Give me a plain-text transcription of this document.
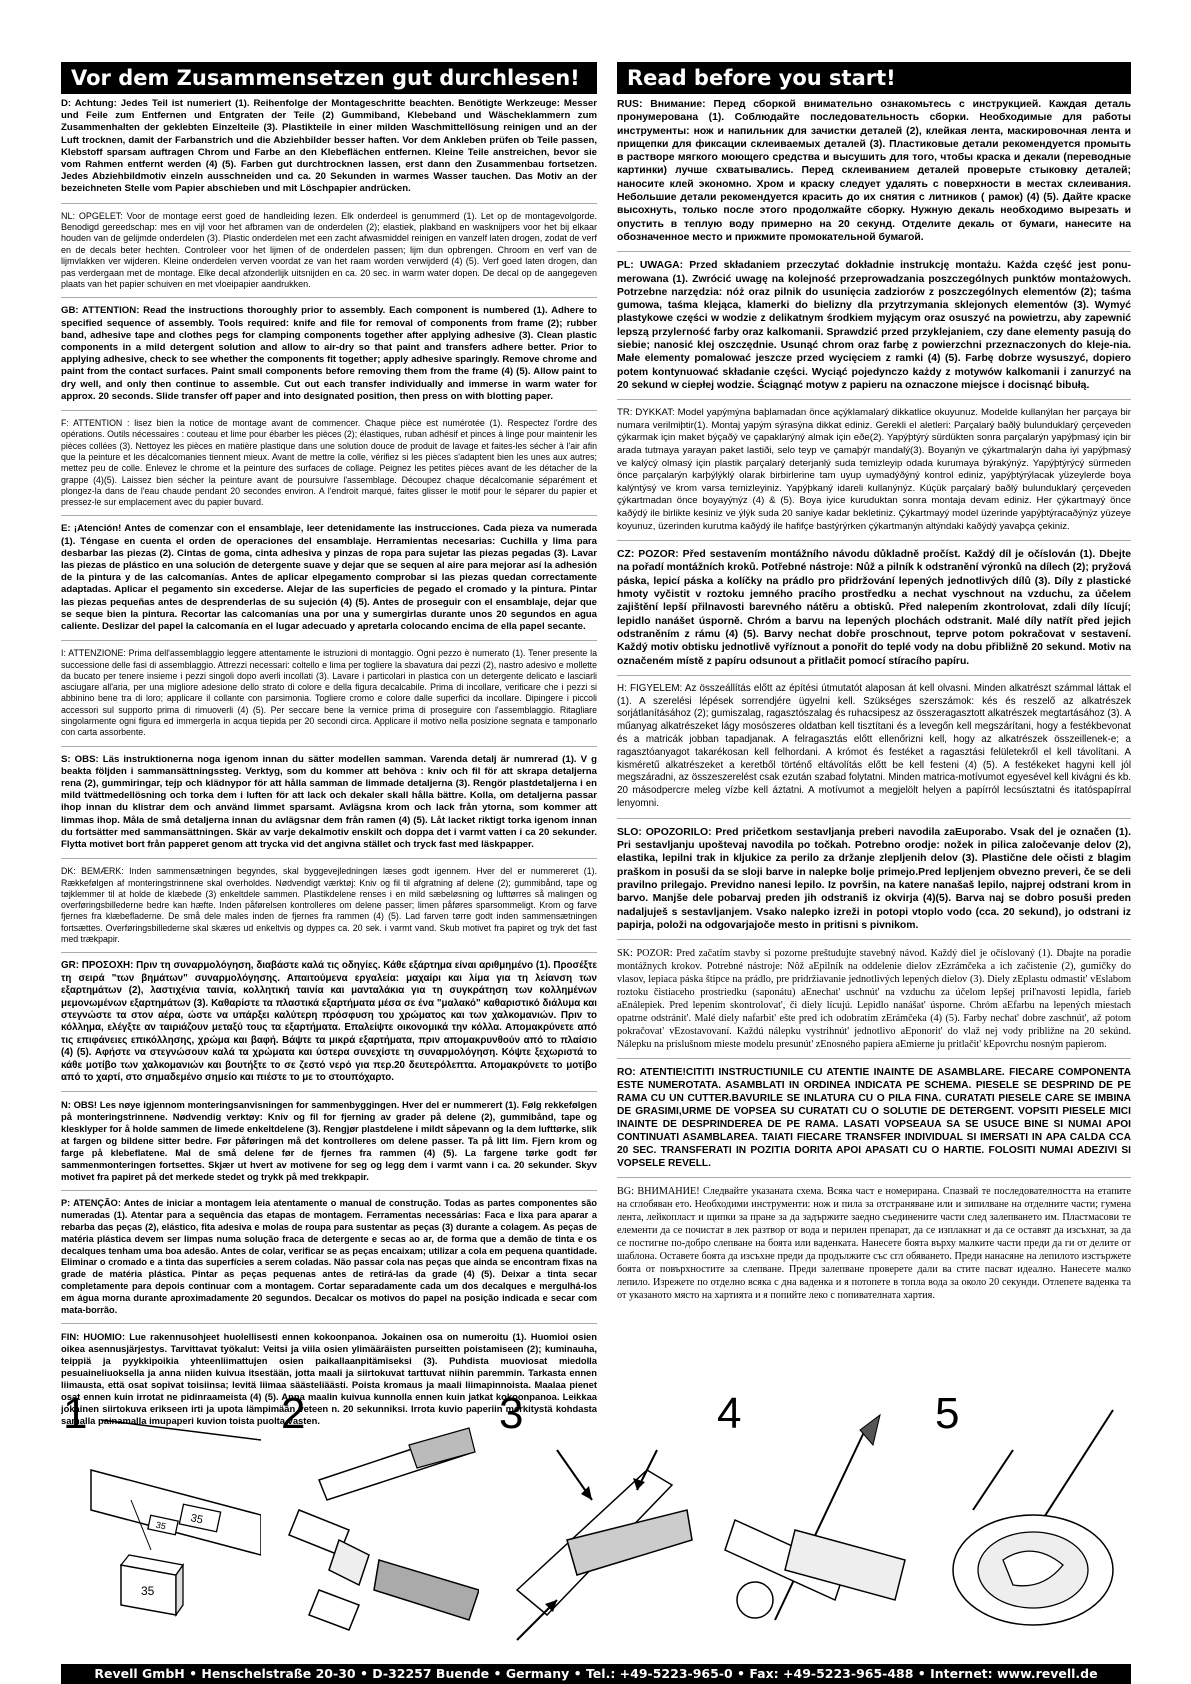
Vor dem Zusammensetzen gut durchlesen!	Read before you start!

D: Achtung: Jedes Teil ist numeriert (1). Reihenfolge der Montageschritte beachten. Benötigte Werkzeuge: Messer und Feile zum Entfernen und Entgraten der Teile (2) Gummiband, Klebeband und Wäscheklammern zum Zusammenhalten der geklebten Einzelteile (3). Plastikteile in einer milden Waschmittellösung reinigen und an der Luft trocknen, damit der Farbanstrich und die Abziehbilder besser haften. Vor dem Ankleben prüfen ob Teile passen, Klebstoff sparsam auftragen Chrom und Farbe an den Klebeflächen entfernen. Kleine Teile anstreichen, bevor sie vom Rahmen entfernt werden (4) (5). Farben gut durchtrocknen lassen, erst dann den Zusammenbau fortsetzen. Jedes Abziehbildmotiv einzeln ausschneiden und ca. 20 Sekunden in warmes Wasser tauchen. Das Motiv an der bezeichneten Stelle vom Papier abschieben und mit Löschpapier andrücken.

NL: OPGELET: Voor de montage eerst goed de handleiding lezen. Elk onderdeel is genummerd (1). Let op de montagevolgorde. Benodigd gereedschap: mes en vijl voor het afbramen van de onderdelen (2); elastiek, plakband en wasknijpers voor het bij elkaar houden van de gelijmde onderdelen (3). Plastic onderdelen met een zacht afwasmiddel reinigen en vanzelf laten drogen, zodat de verf en de decals beter hechten. Controleer voor het lijmen of de onderdelen passen; lijm dun opbrengen. Chroom en verf van de lijmvlakken ver wijderen. Kleine onderdelen verven voordat ze van het raam worden verwijderd (4) (5). Verf goed laten drogen, dan pas verdergaan met de montage. Elke decal afzonderlijk uitsnijden en ca. 20 sec. in warm water dopen. De decal op de aangegeven plaats van het papier schuiven en met vloeipapier aandrukken.

GB: ATTENTION: Read the instructions thoroughly prior to assembly. Each component is numbered (1). Adhere to specified sequence of assembly. Tools required: knife and file for removal of components from frame (2); rubber band, adhesive tape and clothes pegs for clamping components together after applying adhesive (3). Clean plastic components in a mild detergent solution and allow to air-dry so that paint and transfers adhere better. Prior to applying adhesive, check to see whether the components fit together; apply adhesive sparingly. Remove chrome and paint from the contact surfaces. Paint small components before removing them from the frame (4) (5). Allow paint to dry well, and only then continue to assemble. Cut out each transfer individually and immerse in warm water for approx. 20 seconds. Slide transfer off paper and into designated position, then press on with blotting paper.

F: ATTENTION : lisez bien la notice de montage avant de commencer. Chaque pièce est numérotée (1). Respectez l'ordre des opérations. Outils nécessaires : couteau et lime pour ébarber les pièces (2); élastiques, ruban adhésif et pinces à linge pour maintenir les pièces collées (3). Nettoyez les pièces en matière plastique dans une solution douce de produit de lavage et faites-les sécher à l'air afin que la peinture et les décalcomanies tiennent mieux. Avant de mettre la colle, vérifiez si les pièces s'adaptent bien les unes aux autres; mettez peu de colle. Enlevez le chrome et la peinture des surfaces de collage. Peignez les petites pièces avant de les détacher de la grappe (4)(5). Laissez bien sécher la peinture avant de poursuivre l'assemblage. Découpez chaque décalcomanie séparément et plongez-la dans de l'eau chaude pendant 20 secondes environ. A l'endroit marqué, faites glisser le motif pour le séparer du papier et pressez-le sur emplacement avec du papier buvard.

E: ¡Atención! Antes de comenzar con el ensamblaje, leer detenidamente las instrucciones. Cada pieza va numerada (1). Téngase en cuenta el orden de operaciones del ensamblaje. Herramientas necesarias: Cuchilla y lima para desbarbar las piezas (2). Cintas de goma, cinta adhesiva y pinzas de ropa para sujetar las piezas pegadas (3). Lavar las piezas de plástico en una solución de detergente suave y dejar que se sequen al aire para mejorar así la adhesión de la pintura y de las calcomanías. Antes de aplicar elpegamento comprobar si las piezas quedan correctamente adaptadas. Aplicar el pegamento sin excederse. Alejar de las superficies de pegado el cromado y la pintura. Pintar las piezas pequeñas antes de desprenderlas de su sujeción (4) (5). Antes de proseguir con el ensamblaje, dejar que se seque bien la pintura. Recortar las calcomanías una por una y sumergirlas durante unos 20 segundos en agua caliente. Deslizar del papel la calcomanía en el lugar adecuado y apretarla colocando encima de ella papel secante.

I: ATTENZIONE: Prima dell'assemblaggio leggere attentamente le istruzioni di montaggio. Ogni pezzo è numerato (1). Tener presente la successione delle fasi di assemblaggio. Attrezzi necessari: coltello e lima per togliere la sbavatura dai pezzi (2), nastro adesivo e mollette da bucato per tenere insieme i pezzi singoli dopo averli incollati (3). Lavare i particolari in plastica con un detergente delicato e lasciarli asciugare all'aria, per una migliore adesione dello strato di colore e della figura decalcabile. Prima di incollare, verificare che i pezzi si abbinino bene tra di loro; applicare il collante con parsimonia. Togliere cromo e colore dalle superfici da incollare. Dipingere i piccoli accessori sul supporto prima di rimuoverli (4) (5). Per seccare bene la vernice prima di proseguire con l'assemblaggio. Ritagliare singolarmente ogni figura ed immergerla in acqua tiepida per 20 secondi circa. Applicare il motivo nella posizione segnata e tamponarlo con carta assorbente.

S: OBS: Läs instruktionerna noga igenom innan du sätter modellen samman. Varenda detalj är numrerad (1). V g beakta följden i sammansättningssteg. Verktyg, som du kommer att behöva : kniv och fil för att skrapa detaljerna rena (2), gummiringar, tejp och klädnypor för att hålla samman de limmade detaljerna (3). Rengör plastdetaljerna i en mild tvättmedellösning och torka dem i luften för att lack och dekaler skall hålla bättre. Kolla, om detaljerna passar ihop innan du klistrar dem och använd limmet sparsamt. Avlägsna krom och lack från ytorna, som kommer att limmas ihop. Måla de små detaljerna innan du avlägsnar dem från ramen (4) (5). Låt lacket riktigt torka igenom innan du fortsätter med sammansättningen. Skär av varje dekalmotiv enskilt och doppa det i varmt vatten i ca 20 sekunder. Flytta motivet bort från papperet genom att trycka vid det angivna stället och tryck fast med läskpapper.

DK: BEMÆRK: Inden sammensætningen begyndes, skal byggevejledningen læses godt igennem. Hver del er nummereret (1). Rækkefølgen af monteringstrinnene skal overholdes. Nødvendigt værktøj: Kniv og fil til afgratning af delene (2); gummibånd, tape og tøjklemmer til at holde de klæbede (3) enkeltdele sammen. Plastikdelene renses i en mild sæbeløsning og lufttørres så malingen og overføringsbillederne bedre kan hæfte. Inden påførelsen kontrolleres om delene passer; limen påføres sparsommeligt. Krom og farve fjernes fra klæbefladerne. De små dele males inden de fjernes fra rammen (4) (5). Lad farven tørre godt inden sammensætningen fortsættes. Overføringsbillederne skal skæres ud enkeltvis og dyppes ca. 20 sek. i varmt vand. Skub motivet fra papiret og tryk det fast med trækpapir.

GR: ΠΡΟΣΟΧΗ: Πριν τη συναρμολόγηση, διαβάστε καλά τις οδηγίες. Κάθε εξάρτημα είναι αριθμημένο (1). Προσέξτε τη σειρά "των βημάτων" συναρμολόγησης. Απαιτούμενα εργαλεία: μαχαίρι και λίμα για τη λείανση των εξαρτημάτων (2), λαστιχένια ταινία, κολλητική ταινία και μανταλάκια για τη συγκράτηση των κολλημένων μεμονωμένων εξαρτημάτων (3). Καθαρίστε τα πλαστικά εξαρτήματα μέσα σε ένα "μαλακό" καθαριστικό διάλυμα και στεγνώστε τα στον αέρα, ώστε να υπάρξει καλύτερη πρόσφυση του χρώματος και των χαλκομανιών. Πριν το κόλλημα, ελέγξτε αν ταιριάζουν μεταξύ τους τα εξαρτήματα. Επαλείψτε οικονομικά την κόλλα. Απομακρύνετε από τις επιφάνειες επικόλλησης, χρώμα και βαφή. Βάψτε τα μικρά εξαρτήματα, πριν απομακρυνθούν από το πλαίσιο (4) (5). Αφήστε να στεγνώσουν καλά τα χρώματα και ύστερα συνεχίστε τη συναρμολόγηση. Κόψτε ξεχωριστά το κάθε μοτίβο των χαλκομανιών και βουτήξτε το σε ζεστό νερό για περ.20 δευτερόλεπτα. Απομακρύνετε το μοτίβο από το χαρτί, στο σημαδεμένο σημείο και πιέστε το με το στουπόχαρτο.

N: OBS! Les nøye igjennom monteringsanvisningen for sammenbyggingen. Hver del er nummerert (1). Følg rekkefølgen på monteringstrinnene. Nødvendig verktøy: Kniv og fil for fjerning av grader på delene (2), gummibånd, tape og klesklyper for å holde sammen de limede enkeltdelene (3). Rengjør plastdelene i mildt såpevann og la dem lufttørke, slik at fargen og bildene sitter bedre. Før påføringen må det kontrolleres om delene passer. Ta på litt lim. Fjern krom og farge på klebeflatene. Mal de små delene før de fjernes fra rammen (4) (5). La fargene tørke godt før sammenmonteringen fortsettes. Skjær ut hvert av motivene for seg og legg dem i varmt vann i ca. 20 sekunder. Skyv motivet fra papiret på det merkede stedet og trykk på med trekkpapir.

P: ATENÇÃO: Antes de iniciar a montagem leia atentamente o manual de construção. Todas as partes componentes são numeradas (1). Atentar para a sequência das etapas de montagem. Ferramentas necessárias: Faca e lixa para aparar a rebarba das peças (2), elástico, fita adesiva e molas de roupa para sustentar as peças (3) durante a colagem. As peças de matéria plástica devem ser limpas numa solução fraca de detergente e secas ao ar, de forma que a demão de tinta e os decalques tenham uma boa adesão. Antes de colar, verificar se as peças encaixam; utilizar a cola em pequena quantidade. Eliminar o cromado e a tinta das superfícies a serem coladas. Não passar cola nas peças que ainda se encontram fixas na grade de matéria plástica. Pintar as peças pequenas antes de retirá-las da grade (4) (5). Deixar a tinta secar completamente para depois continuar com a montagem. Cortar separadamente cada um dos decalques e mergulhá-los em água morna durante aproximadamente 20 segundos. Decalcar os motivos do papel na posição indicada e secar com mata-borrão.

FIN: HUOMIO: Lue rakennusohjeet huolellisesti ennen kokoonpanoa. Jokainen osa on numeroitu (1). Huomioi osien oikea asennusjärjestys. Tarvittavat työkalut: Veitsi ja viila osien ylimääräisten purseitten poistamiseen (2); kuminauha, teippiä ja pyykkipoikia yhteenliimattujen osien paikallaanpitämiseksi (3). Puhdista muoviosat miedolla pesuaineliuoksella ja anna niiden kuivua itsestään, jotta maali ja siirtokuvat tarttuvat niihin paremmin. Tarkasta ennen liimausta, että osat sopivat toisiinsa; levitä liimaa säästeliäästi. Poista kromaus ja maali liimapinnoista. Maalaa pienet osat ennen kuin irrotat ne pidinraameista (4) (5). Anna maalin kuivua kunnolla ennen kuin jatkat kokoonpanoa. Leikkaa jokainen siirtokuva erikseen irti ja upota lämpimään veteen n. 20 sekunniksi. Irrota kuvio paperiin merkitystä kohdasta samalla painamalla imupaperi kuvion toista puolta vasten.

RUS: Внимание: Перед сборкой внимательно ознакомьтесь с инструкцией. Каждая деталь пронумерована (1). Соблюдайте последовательность сборки. Необходимые для работы инструменты: нож и напильник для зачистки деталей (2), клейкая лента, маскировочная лента и прищепки для фиксации склеиваемых деталей (3). Пластиковые детали рекомендуется промыть в растворе мягкого моющего средства и высушить для того, чтобы краска и декали (переводные картинки) лучше схватывались. Перед склеиванием деталей проверьте стыковку деталей; наносите клей экономно. Хром и краску следует удалять с поверхности в местах склеивания. Небольшие детали рекомендуется красить до их снятия с литников ( рамок) (4) (5). Дайте краске высохнуть, только после этого продолжайте сборку. Нужную декаль необходимо вырезать и опустить в теплую воду примерно на 20 секунд. Отделите декаль от бумаги, нанесите на обозначенное место и прижмите промокательной бумагой.

PL: UWAGA: Przed składaniem przeczytać dokładnie instrukcję montażu. Każda część jest ponu-merowana (1). Zwrócić uwagę na kolejność przeprowadzania poszczególnych punktów montażowych. Potrzebne narzędzia: nóż oraz pilnik do usunięcia zadziorów z poszczególnych elementów (2); taśma gumowa, taśma klejąca, klamerki do bielizny dla przytrzymania sklejonych elementów (3). Wymyć plastykowe części w wodzie z delikatnym środkiem myjącym oraz osuszyć na powietrzu, aby zapewnić lepszą przyleгność farby oraz kalkomanii. Sprawdzić przed przyklejaniem, czy dane elementy pasują do siebie; nanosić klej oszczędnie. Usunąć chrom oraz farbę z powierzchni przeznaczonych do kleje-nia. Małe elementy pomalować jeszcze przed wycięciem z ramki (4) (5). Farbę dobrze wysuszyć, dopiero potem kontynuować składanie części. Wyciąć pojedynczo każdy z motywów kalkomanii i zanurzyć na 20 sekund w ciepłej wodzie. Ściągnąć motyw z papieru na oznaczone miejsce i docisnąć bibułą.

TR: DYKKAT: Model yapýmýna baþlamadan önce açýklamalarý dikkatlice okuyunuz. Modelde kullanýlan her parçaya bir numara verilmiþtir(1). Montaj yapým sýrasýna dikkat ediniz. Gerekli el aletleri: Parçalarý baðlý bulunduklarý çerçeveden çýkarmak için maket býçaðý ve çapaklarýný almak için eðe(2). Yapýþtýrý sürdükten sonra parçalarýn yapýþmasý için bir arada tutmaya yarayan paket lastiði, selo teyp ve çamaþýr mandalý(3). Boyanýn ve çýkartmalarýn daha iyi yapýþmasý ve kalýcý olmasý için plastik parçalarý deterjanlý suda temizleyip odada kurumaya býrakýnýz. Yapýþtýrýcý sürmeden önce parçalarýn karþýlýklý olarak birbirlerine tam uyup uymadýðýný kontrol ediniz, yapýþtýrýlacak yüzeylerde boya kalýntýsý ve krom varsa temizleyiniz. Yapýþkaný idareli kullanýnýz. Küçük parçalarý baðlý bulunduklarý çerçeveden çýkartmadan önce boyayýnýz (4) & (5). Boya iyice kuruduktan sonra montaja devam ediniz. Her çýkartmayý önce kaðýdý ile birlikte kesiniz ve ýlýk suda 20 saniye kadar bekletiniz. Çýkartmayý model üzerinde yapýþtýracaðýnýz yüzeye koyunuz, üzerinden kurutma kaðýdý ile hafifçe bastýrýrken çýkartmanýn altýndaki kaðýdý yavaþça çekiniz.

CZ: POZOR: Před sestavením montážního návodu důkladně pročíst. Každý díl je očíslován (1). Dbejte na pořadí montážních kroků. Potřebné nástroje: Nůž a pilník k odstranění výronků na dílech (2); pryžová páska, lepicí páska a kolíčky na prádlo pro přidržování lepených jednotlivých dílů (3). Díly z plastické hmoty vyčistit v roztoku jemného pracího prostředku a nechat vyschnout na vzduchu, za účelem zajištění lepší přilnavosti barevného nátěru a obtisků. Před nalepením zkontrolovat, zdali díly lícují; lepidlo nanášet úsporně. Chróm a barvu na lepených plochách odstranit. Malé díly natřít před jejich odstraněním z rámu (4) (5). Barvy nechat dobře proschnout, teprve potom pokračovat v sestavení. Každý motiv obtisku jednotlivě vyříznout a ponořit do teplé vody na dobu přibližně 20 sekund. Motiv na označeném místě z papíru odsunout a přitlačit pomocí stíracího papíru.

H: FIGYELEM: Az összeállítás előtt az építési útmutatót alaposan át kell olvasni. Minden alkatrészt számmal láttak el (1). A szerelési lépések sorrendjére ügyelni kell. Szükséges szerszámok: kés és reszelő az alkatrészek sorjátlanításához (2); gumiszalag, ragasztószalag és ruhacsipesz az összeragasztott alkatrészek megtartásához (3). A műanyag alkatrészeket lágy mosószeres oldatban kell tisztítani és a levegőn kell megszárítani, hogy a festékbevonat és a matricák jobban tapadjanak. A felragasztás előtt ellenőrizni kell, hogy az alkatrészek összeillenek-e; a ragasztóanyagot takarékosan kell felhordani. A krómot és festéket a ragasztási felületekről el kell távolítani. A kisméretű alkatrészeket a keretből történő eltávolítás előtt be kell festeni (4) (5). A festékeket hagyni kell jól megszáradni, az összeszerelést csak ezután szabad folytatni. Minden matrica-motívumot egyesével kell kivágni és kb. 20 másodpercre meleg vízbe kell áztatni. A motívumot a megjelölt helyen a papírról lecsúsztatni és itatóspapírral lenyomni.

SLO: OPOZORILO: Pred pričetkom sestavljanja preberi navodila zaEuporabo. Vsak del je označen (1). Pri sestavljanju upoštevaj navodila po točkah. Potrebno orodje: nožek in pilica zaločevanje delov (2), elastika, lepilni trak in kljukice za perilo za držanje zlepljenih delov (3). Plastične dele očisti z blagim praškom in posuši da se sloji barve in nalepke bolje primejo.Pred lepljenjem obvezno preveri, če se deli pravilno prilegajo. Previdno nanesi lepilo. Iz površin, na katere nanašaš lepilo, najprej odstrani krom in barvo. Manjše dele pobarvaj preden jih odstraniš iz okvirja (4)(5). Barva naj se dobro posuši preden nadaljuješ s sestavljanjem. Vsako nalepko izreži in potopi vtoplo vodo (cca. 20 sekund), jo odstrani iz papirja, položi na odgovarjajoče mesto in pritisni s pivnikom.

SK: POZOR: Pred začatím stavby si pozorne preštudujte stavebný návod. Každý diel je očíslovaný (1). Dbajte na poradie montážnych krokov. Potrebné nástroje: Nôž aEpilník na oddelenie dielov zEzrámčeka a ich začistenie (2), gumičky do vlasov, lepiaca páska štipce na prádlo, pre pridržiavanie jednotlivých lepených dielov (3). Diely zEplastu odmastit' vEslabom roztoku čistiaceho prostriedku (saponátu) aEnechat' uschnút' na vzduchu za účelom lepšej priľnavosti lepidla, farieb aEnálepiek. Pred lepením skontrolovat', či diely lícujú. Lepidlo nanášat' úsporne. Chróm aEfarbu na lepených miestach opatrne odstránit'. Malé diely nafarbit' ešte pred ich odobratím zErámčeka (4) (5). Farby nechat' dobre zaschnút', až potom pokračovat' vEzostavovaní. Každú nálepku vystrihnút' jednotlivo aEponorit' do vlaž nej vody približne na 20 sekúnd. Nálepku na príslušnom mieste modelu presunút' zEnosného papiera aEmierne ju pritlačit' kEpovrchu nosným papierom.

RO: ATENTIE!CITITI INSTRUCTIUNILE CU ATENTIE INAINTE DE ASAMBLARE. FIECARE COMPONENTA ESTE NUMEROTATA. ASAMBLATI IN ORDINEA INDICATA PE SCHEMA. PIESELE SE DESPRIND DE PE RAMA CU UN CUTTER.BAVURILE SE INLATURA CU O PILA FINA. CURATATI PIESELE CARE SE IMBINA DE GRASIMI,URME DE VOPSEA SU CURATATI CU O SOLUTIE DE DETERGENT. VOPSITI PIESELE MICI INAINTE DE DESPRINDEREA DE PE RAMA. LASATI VOPSEAUA SA SE USUCE BINE SI NUMAI APOI CONTINUATI ASAMBLAREA. TAIATI FIECARE TRANSFER INDIVIDUAL SI IMERSATI IN APA CALDA CCA 20 SEC. TRANSFERATI IN POZITIA DORITA APOI APASATI CU O HARTIE. FOLOSITI NUMAI ADEZIVI SI VOPSELE REVELL.

BG: ВНИМАНИЕ! Следвайте указаната схема. Всяка част е номерирана. Спазвай те последователността на етапите на сглобяван ето. Необходими инструменти: нож и пила за отстраняване или и зипилване на отделните части; гумена лента, лейкопласт и щипки за пране за да задържите заедно съединените части след залепването им. Пластмасови те елементи да се почистат в лек разтвор от вода и перилен препарат, да се изплакнат и да се оставят да изсъхнат, за да се постигне по-добро слепване на боята или ваденката. Нанесете боята върху малките части преди да ги от делите от шаблона. Оставете боята да изсъхне преди да продължите със сгл обяването. Преди нанасяне на лепилото изстържете боята от повърхностите за слепване. Преди залепване проверете дали ва стите пасват идеално. Нанесете малко лепило. Изрежете по отделно всяка с дна ваденка и я потопете в топла вода за около 20 секунди. Отлепете ваденка та от указаното място на хартията и я попийте леко с попивателната хартия.

1
35
35
35
2	3	4	5
Revell GmbH • Henschelstraße 20-30 • D-32257 Buende • Germany • Tel.: +49-5223-965-0 • Fax: +49-5223-965-488 • Internet: www.revell.de
